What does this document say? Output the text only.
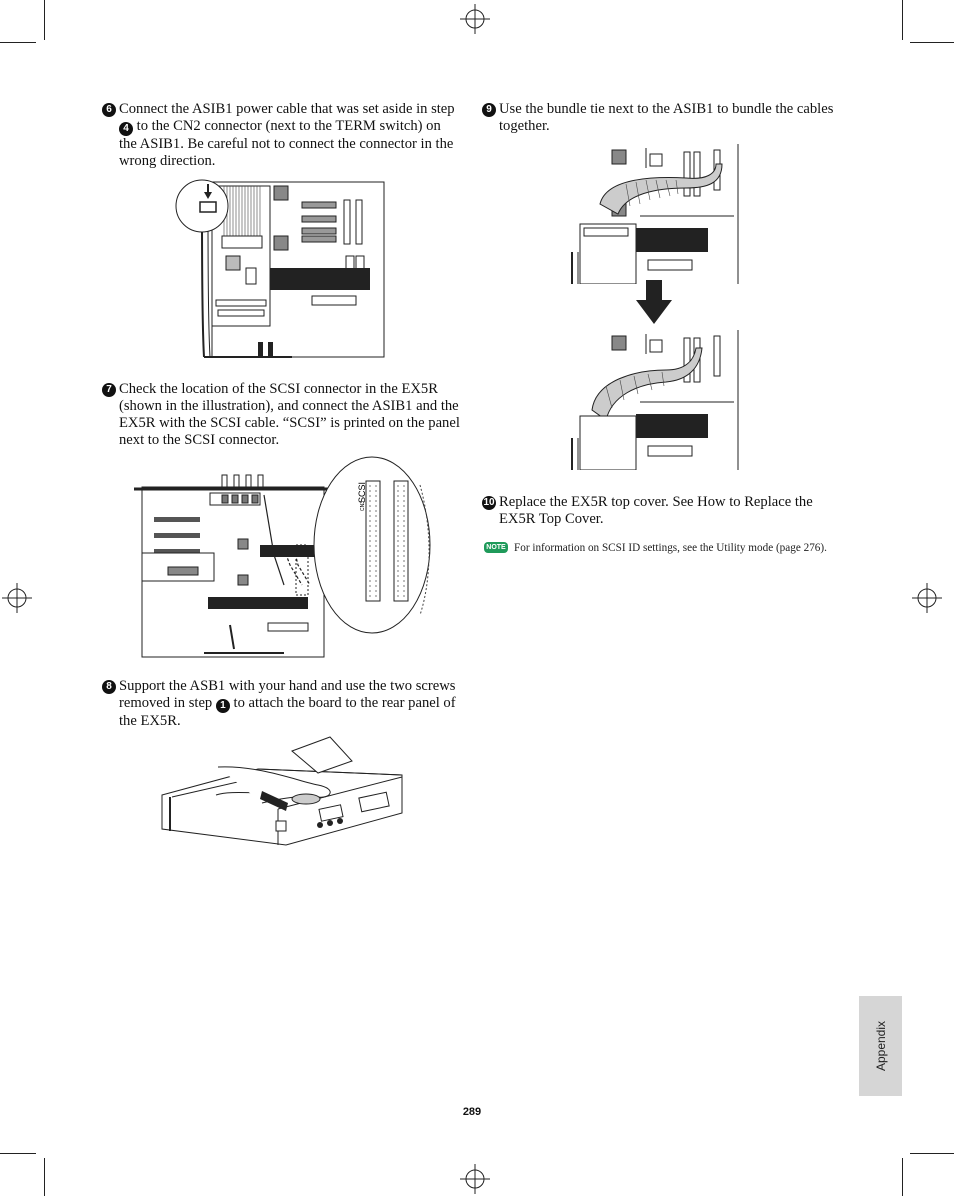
6 Connect the ASIB1 power cable that was set aside in step 4 to the CN2 connector (next to the TERM switch) on the ASIB1. Be careful not to connect the connector in the wrong direction.
7 Check the location of the SCSI connector in the EX5R (shown in the illustration), and connect the ASIB1 and the EX5R with the SCSI cable. “SCSI” is printed on the panel next to the SCSI connector.
SCSI
CN3
8 Support the ASB1 with your hand and use the two screws removed in step 1 to attach the board to the rear panel of the EX5R.
9 Use the bundle tie next to the ASIB1 to bundle the cables together.
10 Replace the EX5R top cover. See How to Replace the EX5R Top Cover.
NOTE For information on SCSI ID settings, see the Utility mode (page 276).
Appendix
289
